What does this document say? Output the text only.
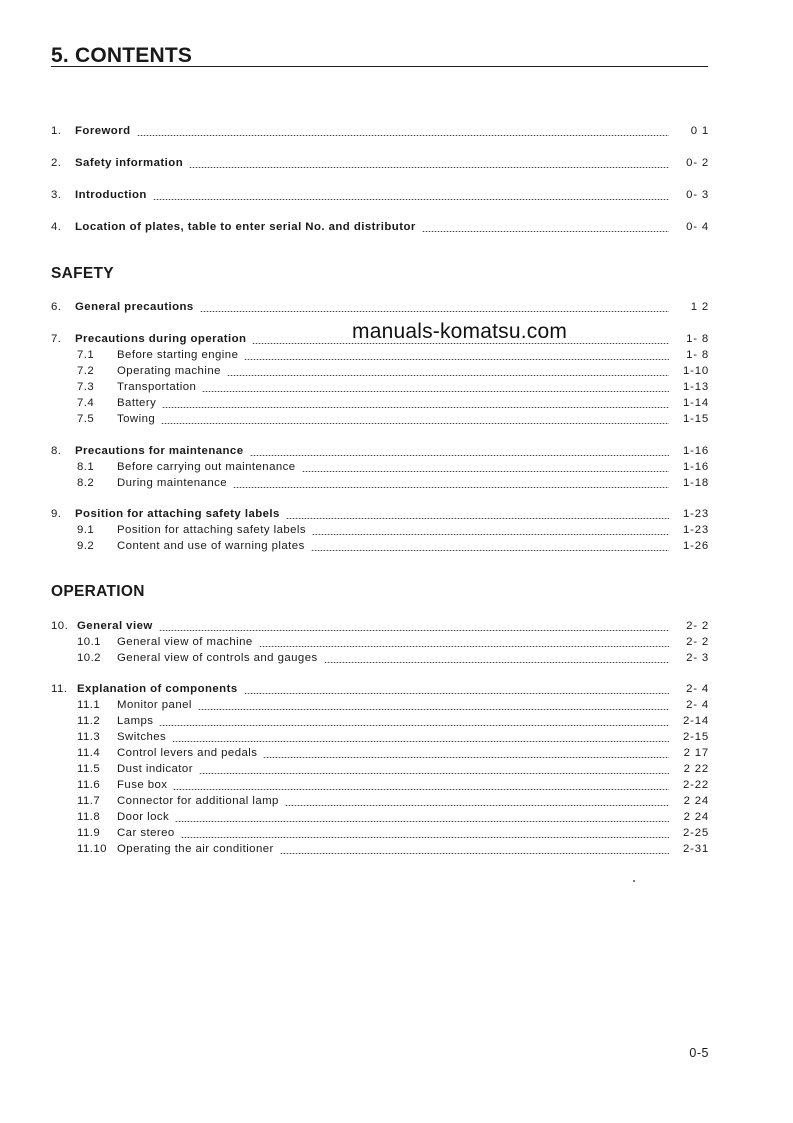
5. CONTENTS
1.	Foreword	0 1
2.	Safety information	0- 2
3.	Introduction	0- 3
4.	Location of plates, table to enter serial No. and distributor	0- 4
SAFETY
6.	General precautions	1 2
7.	Precautions during operation	1- 8
7.1	Before starting engine	1- 8
7.2	Operating machine	1-10
7.3	Transportation	1-13
7.4	Battery	1-14
7.5	Towing	1-15
8.	Precautions for maintenance	1-16
8.1	Before carrying out maintenance	1-16
8.2	During maintenance	1-18
9.	Position for attaching safety labels	1-23
9.1	Position for attaching safety labels	1-23
9.2	Content and use of warning plates	1-26
OPERATION
10. General view	2- 2
10.1	General view of machine	2- 2
10.2	General view of controls and gauges	2- 3
11. Explanation of components	2- 4
11.1	Monitor panel	2- 4
11.2	Lamps	2-14
11.3	Switches	2-15
11.4	Control levers and pedals	2 17
11.5	Dust indicator	2 22
11.6	Fuse box	2-22
11.7	Connector for additional lamp	2 24
11.8	Door lock	2 24
11.9	Car stereo	2-25
11.10 Operating the air conditioner	2-31
manuals-komatsu.com
0-5
